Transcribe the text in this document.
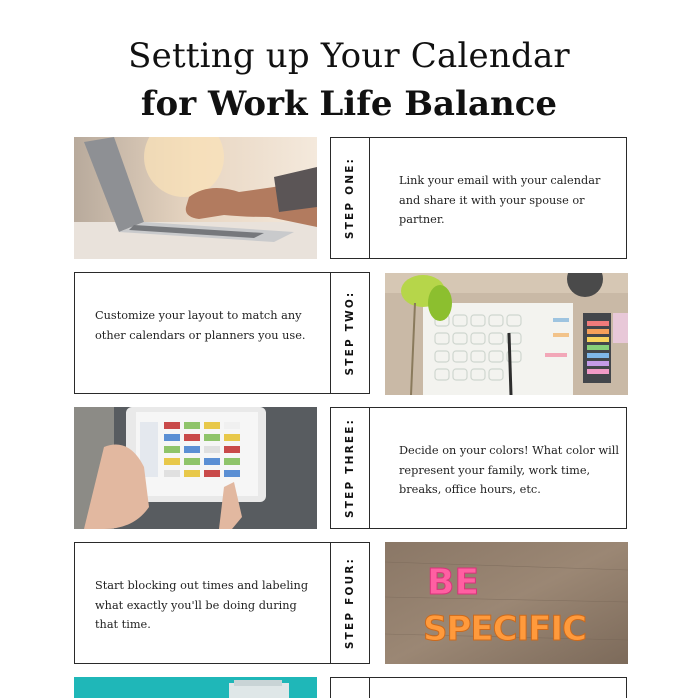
Setting up Your Calendar
for Work Life Balance
STEP ONE:	Link your email with your calendar and share it with your spouse or partner.
Customize your layout to match any other calendars or planners you use.	STEP TWO:
STEP THREE:	Decide on your colors! What color will represent your family, work time, breaks, office hours, etc.
Start blocking out times and labeling what exactly you'll be doing during that time.	STEP FOUR: BE
SPECIFIC
